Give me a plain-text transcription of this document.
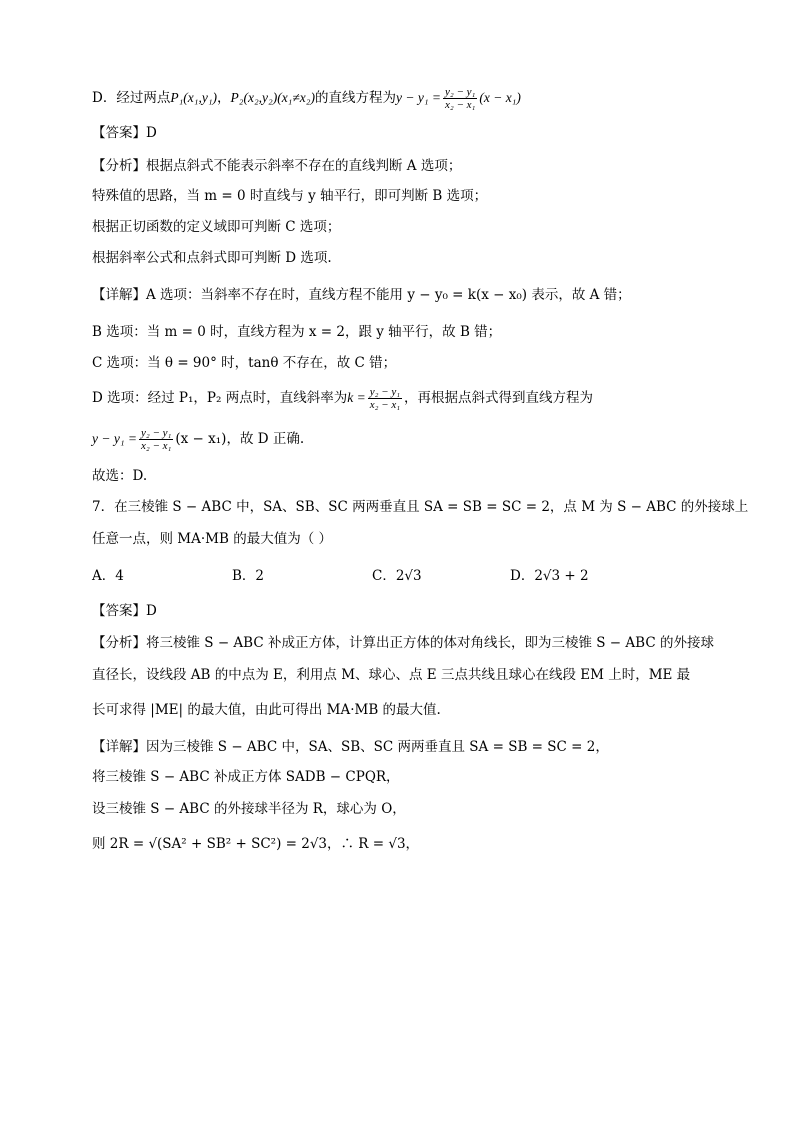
D．经过两点P₁(x₁,y₁)，P₂(x₂,y₂)(x₁≠x₂)的直线方程为$y - y_1 = \frac{\text{y₂ − y₁}}{\text{x₂ − x₁}} (x - x_1)$
【答案】D
【分析】根据点斜式不能表示斜率不存在的直线判断 A 选项；
特殊值的思路，当 m = 0 时直线与 y 轴平行，即可判断 B 选项；
根据正切函数的定义域即可判断 C 选项；
根据斜率公式和点斜式即可判断 D 选项.
【详解】A 选项：当斜率不存在时，直线方程不能用 y − y₀ = k(x − x₀) 表示，故 A 错；
B 选项：当 m = 0 时，直线方程为 x = 2，跟 y 轴平行，故 B 错；
C 选项：当 θ = 90° 时，tanθ 不存在，故 C 错；
D 选项：经过 P₁，P₂ 两点时，直线斜率为$k = \frac{\text{y₂ − y₁}}{\text{x₂ − x₁}}$ ，再根据点斜式得到直线方程为
$y - y_1 = \frac{\text{y₂ − y₁}}{\text{x₂ − x₁}} (x - x_1)$，故 D 正确.
故选：D.
7．在三棱锥 S − ABC 中，SA、SB、SC 两两垂直且 SA = SB = SC = 2，点 M 为 S − ABC 的外接球上
任意一点，则 MA·MB 的最大值为（ ）
A．4	B．2	C．2√3	D．2√3 + 2
【答案】D
【分析】将三棱锥 S − ABC 补成正方体，计算出正方体的体对角线长，即为三棱锥 S − ABC 的外接球
直径长，设线段 AB 的中点为 E，利用点 M、球心、点 E 三点共线且球心在线段 EM 上时，ME 最
长可求得 |ME| 的最大值，由此可得出 MA·MB 的最大值.
【详解】因为三棱锥 S − ABC 中，SA、SB、SC 两两垂直且 SA = SB = SC = 2，
将三棱锥 S − ABC 补成正方体 SADB − CPQR，
设三棱锥 S − ABC 的外接球半径为 R，球心为 O，
则 2R = √(SA² + SB² + SC²) = 2√3，∴ R = √3，
